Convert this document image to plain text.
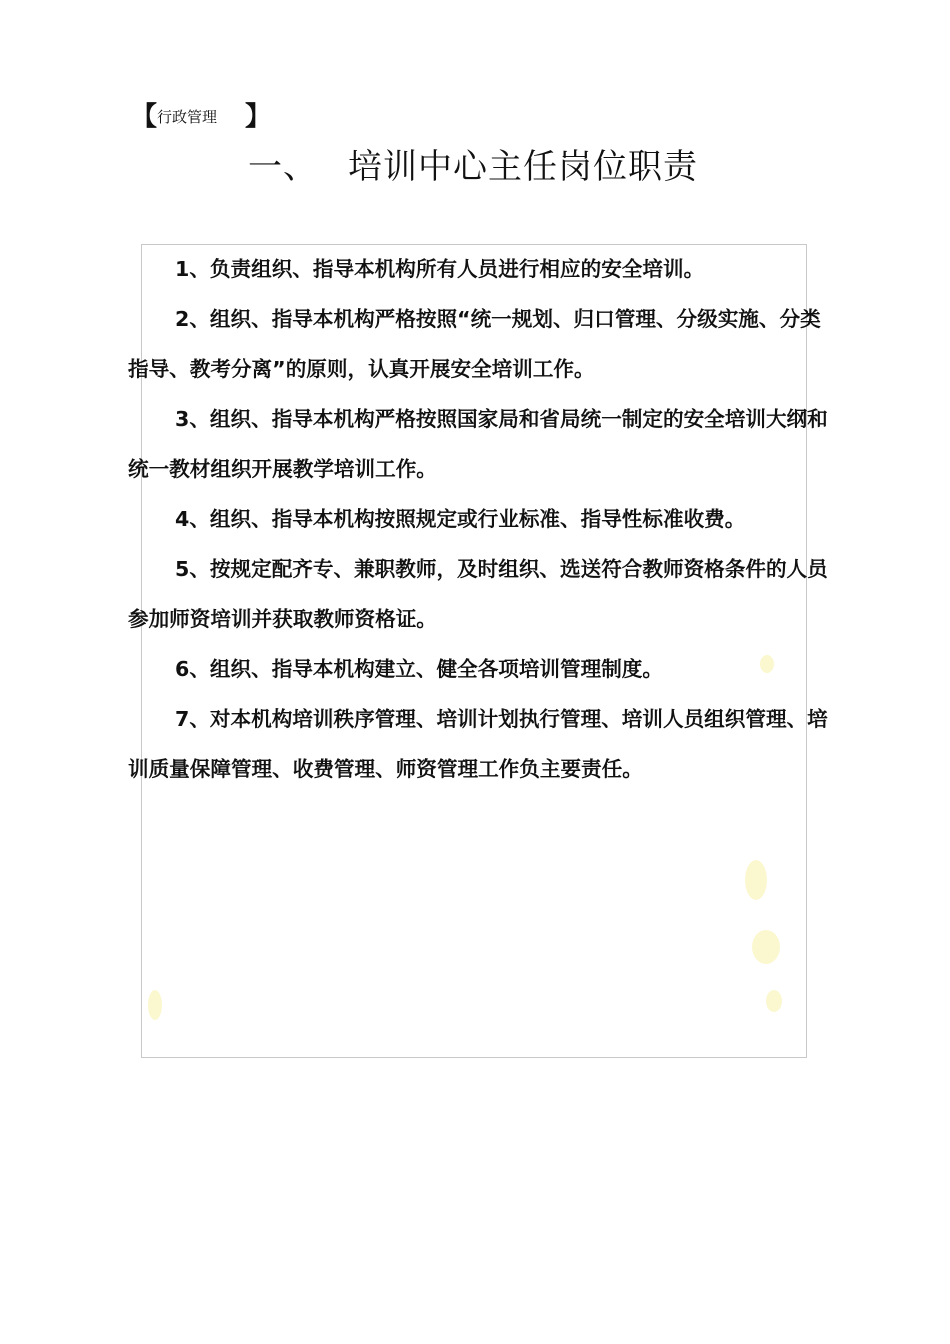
【 行政管理 】
一、 培训中心主任岗位职责

1、负责组织、指导本机构所有人员进行相应的安全培训。

2、组织、指导本机构严格按照“统一规划、归口管理、分级实施、分类指导、教考分离”的原则，认真开展安全培训工作。

3、组织、指导本机构严格按照国家局和省局统一制定的安全培训大纲和统一教材组织开展教学培训工作。

4、组织、指导本机构按照规定或行业标准、指导性标准收费。

5、按规定配齐专、兼职教师，及时组织、选送符合教师资格条件的人员参加师资培训并获取教师资格证。

6、组织、指导本机构建立、健全各项培训管理制度。

7、对本机构培训秩序管理、培训计划执行管理、培训人员组织管理、培训质量保障管理、收费管理、师资管理工作负主要责任。
